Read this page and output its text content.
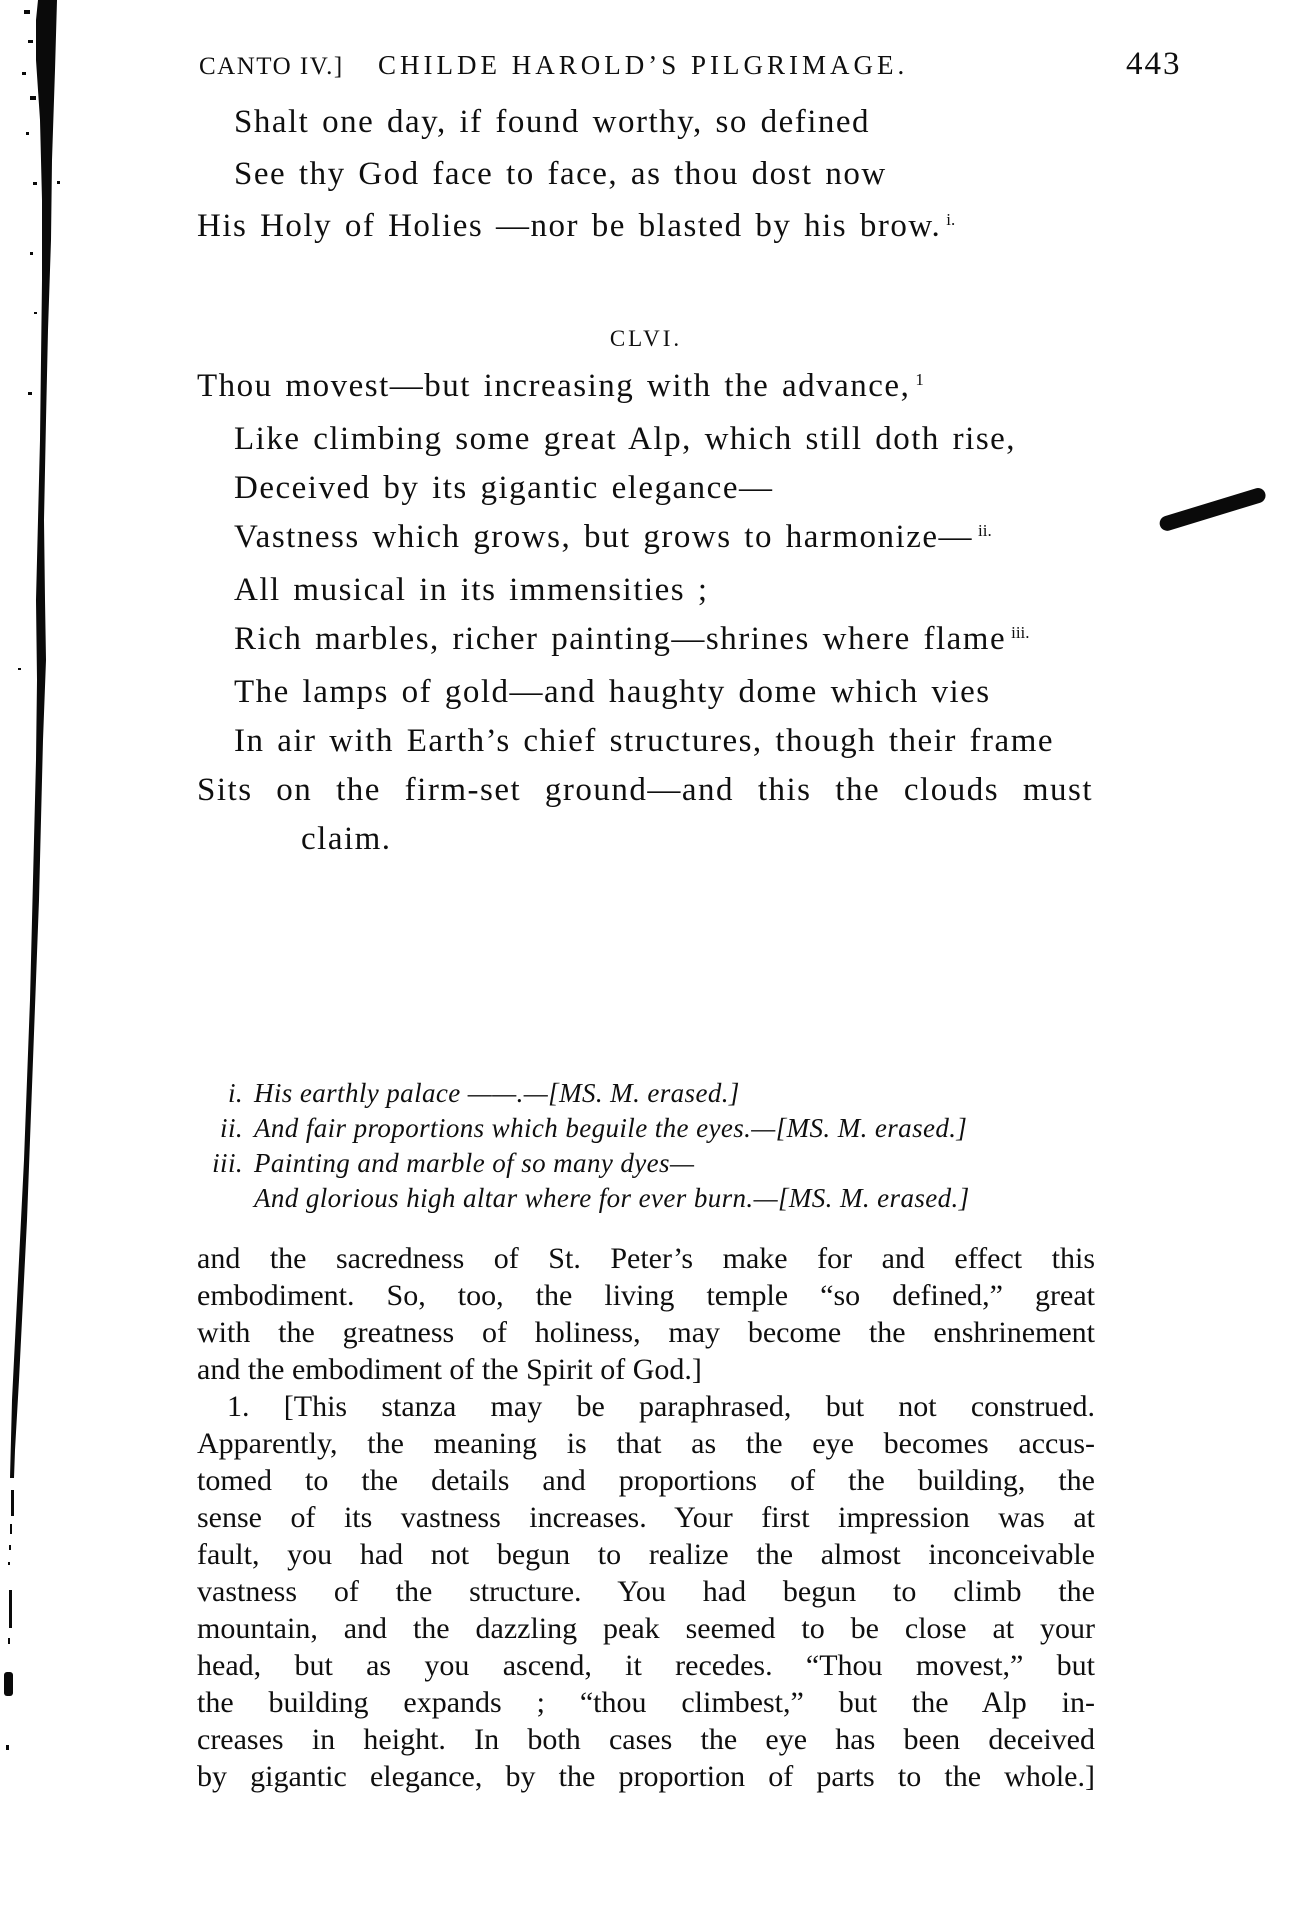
CANTO IV.] CHILDE HAROLD’S PILGRIMAGE.	443
Shalt one day, if found worthy, so defined
See thy God face to face, as thou dost now
His Holy of Holies —nor be blasted by his brow. $^{i.}$
CLVI.
Thou movest—but increasing with the advance, $^1$
Like climbing some great Alp, which still doth rise,
Deceived by its gigantic elegance—
Vastness which grows, but grows to harmonize— $^{ii.}$
All musical in its immensities ;
Rich marbles, richer painting—shrines where flame $^{iii.}$
The lamps of gold—and haughty dome which vies
In air with Earth’s chief structures, though their frame
Sits on the firm-set ground—and this the clouds must
claim.
i. His earthly palace ——.—[MS. M. erased.]
ii. And fair proportions which beguile the eyes.—[MS. M. erased.]
iii. Painting and marble of so many dyes—
And glorious high altar where for ever burn.—[MS. M. erased.]
and the sacredness of St. Peter’s make for and effect this
embodiment. So, too, the living temple “so defined,” great
with the greatness of holiness, may become the enshrinement
and the embodiment of the Spirit of God.]
1. [This stanza may be paraphrased, but not construed.
Apparently, the meaning is that as the eye becomes accus-
tomed to the details and proportions of the building, the
sense of its vastness increases. Your first impression was at
fault, you had not begun to realize the almost inconceivable
vastness of the structure. You had begun to climb the
mountain, and the dazzling peak seemed to be close at your
head, but as you ascend, it recedes. “Thou movest,” but
the building expands ; “thou climbest,” but the Alp in-
creases in height. In both cases the eye has been deceived
by gigantic elegance, by the proportion of parts to the whole.]
